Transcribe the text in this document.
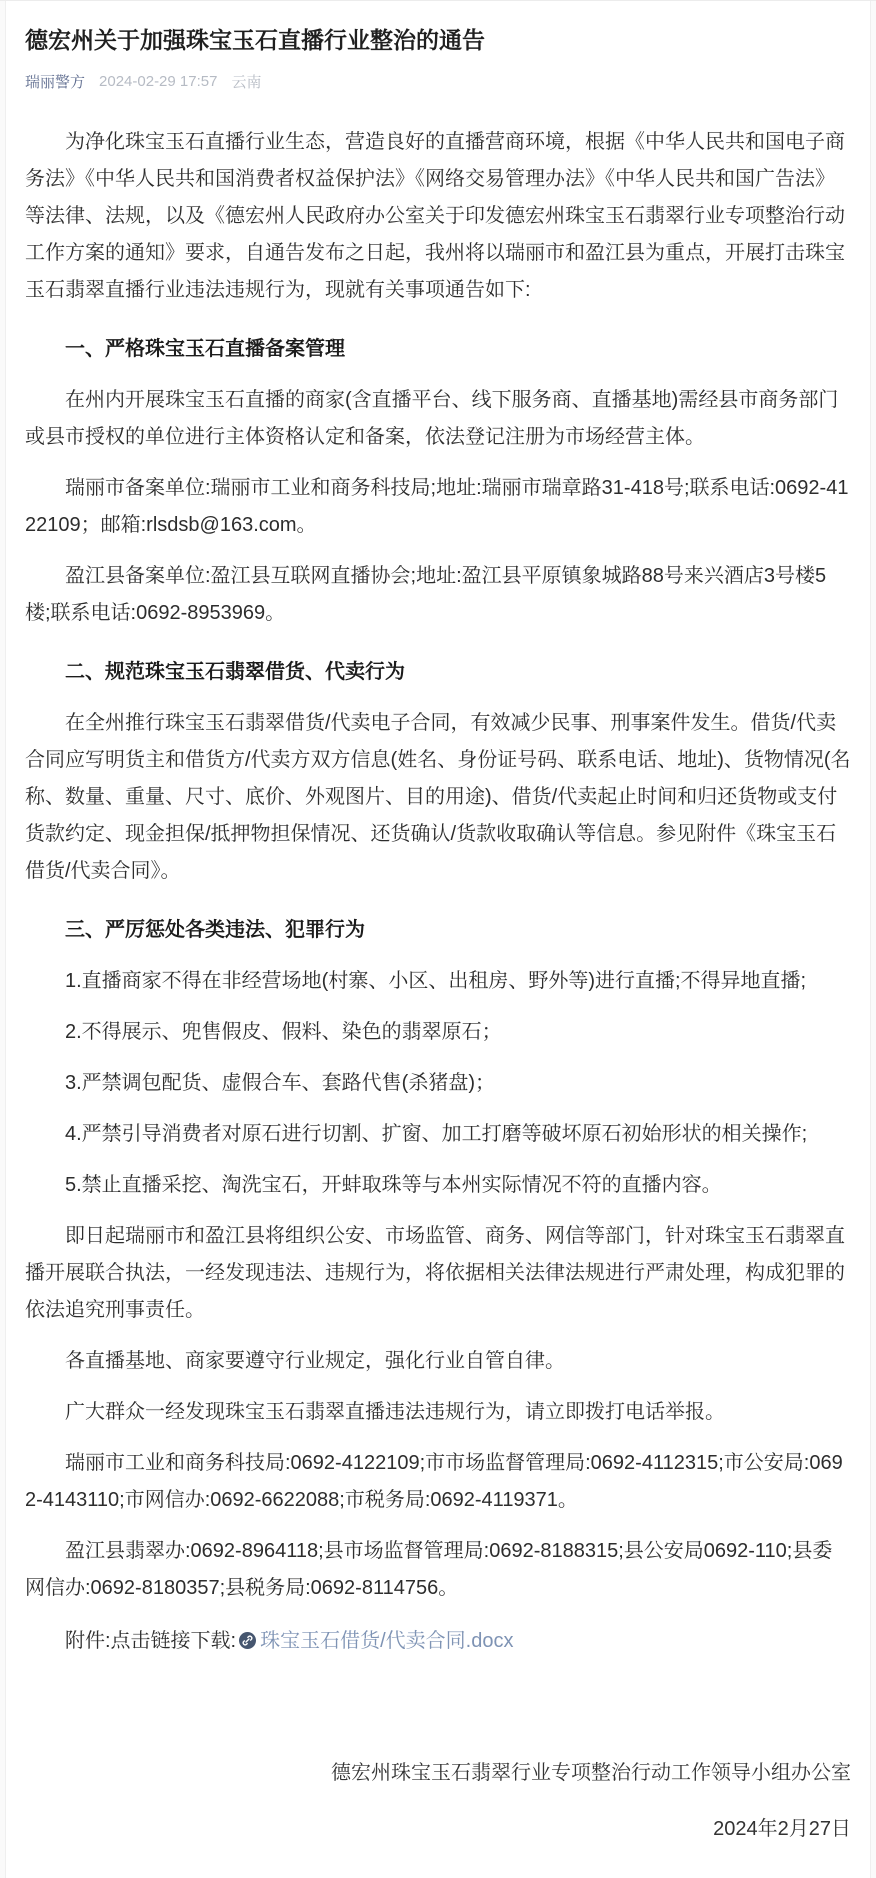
德宏州关于加强珠宝玉石直播行业整治的通告
瑞丽警方 2024-02-29 17:57 云南

为净化珠宝玉石直播行业生态，营造良好的直播营商环境，根据《中华人民共和国电子商务法》《中华人民共和国消费者权益保护法》《网络交易管理办法》《中华人民共和国广告法》等法律、法规，以及《德宏州人民政府办公室关于印发德宏州珠宝玉石翡翠行业专项整治行动工作方案的通知》要求，自通告发布之日起，我州将以瑞丽市和盈江县为重点，开展打击珠宝玉石翡翠直播行业违法违规行为，现就有关事项通告如下:

一、严格珠宝玉石直播备案管理

在州内开展珠宝玉石直播的商家(含直播平台、线下服务商、直播基地)需经县市商务部门或县市授权的单位进行主体资格认定和备案，依法登记注册为市场经营主体。

瑞丽市备案单位:瑞丽市工业和商务科技局;地址:瑞丽市瑞章路31-418号;联系电话:0692-4122109；邮箱:rlsdsb@163.com。

盈江县备案单位:盈江县互联网直播协会;地址:盈江县平原镇象城路88号来兴酒店3号楼5楼;联系电话:0692-8953969。

二、规范珠宝玉石翡翠借货、代卖行为

在全州推行珠宝玉石翡翠借货/代卖电子合同，有效减少民事、刑事案件发生。借货/代卖合同应写明货主和借货方/代卖方双方信息(姓名、身份证号码、联系电话、地址)、货物情况(名称、数量、重量、尺寸、底价、外观图片、目的用途)、借货/代卖起止时间和归还货物或支付货款约定、现金担保/抵押物担保情况、还货确认/货款收取确认等信息。参见附件《珠宝玉石借货/代卖合同》。

三、严厉惩处各类违法、犯罪行为

1.直播商家不得在非经营场地(村寨、小区、出租房、野外等)进行直播;不得异地直播;

2.不得展示、兜售假皮、假料、染色的翡翠原石；

3.严禁调包配货、虚假合车、套路代售(杀猪盘)；

4.严禁引导消费者对原石进行切割、扩窗、加工打磨等破坏原石初始形状的相关操作;

5.禁止直播采挖、淘洗宝石，开蚌取珠等与本州实际情况不符的直播内容。

即日起瑞丽市和盈江县将组织公安、市场监管、商务、网信等部门，针对珠宝玉石翡翠直播开展联合执法，一经发现违法、违规行为，将依据相关法律法规进行严肃处理，构成犯罪的依法追究刑事责任。

各直播基地、商家要遵守行业规定，强化行业自管自律。

广大群众一经发现珠宝玉石翡翠直播违法违规行为，请立即拨打电话举报。

瑞丽市工业和商务科技局:0692-4122109;市市场监督管理局:0692-4112315;市公安局:0692-4143110;市网信办:0692-6622088;市税务局:0692-4119371。

盈江县翡翠办:0692-8964118;县市场监督管理局:0692-8188315;县公安局0692-110;县委网信办:0692-8180357;县税务局:0692-8114756。

附件:点击链接下载: 珠宝玉石借货/代卖合同.docx

德宏州珠宝玉石翡翠行业专项整治行动工作领导小组办公室

2024年2月27日
